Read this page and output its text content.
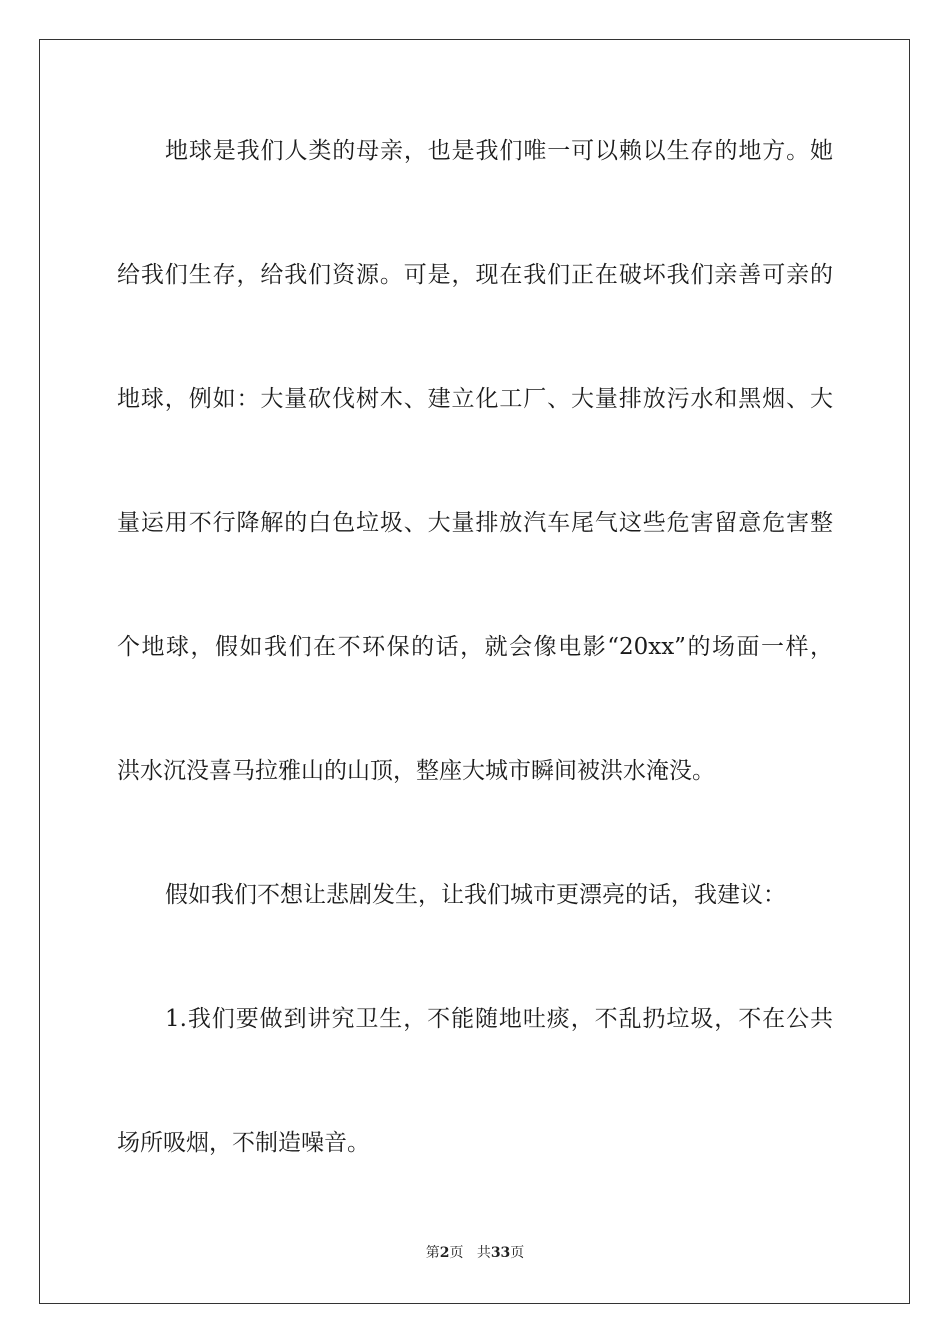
地球是我们人类的母亲，也是我们唯一可以赖以生存的地方。她
给我们生存，给我们资源。可是，现在我们正在破坏我们亲善可亲的
地球，例如：大量砍伐树木、建立化工厂、大量排放污水和黑烟、大
量运用不行降解的白色垃圾、大量排放汽车尾气这些危害留意危害整
个地球，假如我们在不环保的话，就会像电影“20xx”的场面一样，
洪水沉没喜马拉雅山的山顶，整座大城市瞬间被洪水淹没。
假如我们不想让悲剧发生，让我们城市更漂亮的话，我建议：
1.我们要做到讲究卫生，不能随地吐痰，不乱扔垃圾，不在公共
场所吸烟，不制造噪音。
第2页 共33页
